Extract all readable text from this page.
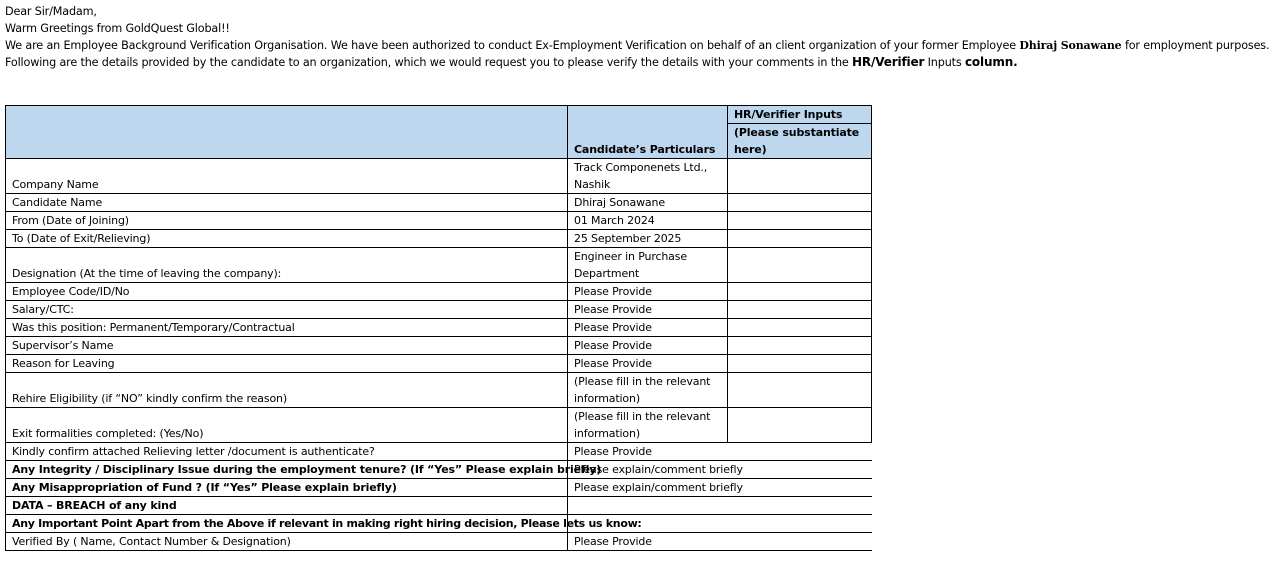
Dear Sir/Madam,
Warm Greetings from GoldQuest Global!!
We are an Employee Background Verification Organisation. We have been authorized to conduct Ex-Employment Verification on behalf of an client organization of your former Employee Dhiraj Sonawane for employment purposes.
Following are the details provided by the candidate to an organization, which we would request you to please verify the details with your comments in the HR/Verifier Inputs column.
	Candidate’s Particulars	HR/Verifier Inputs
(Please substantiate here)

Company Name	Track Componenets Ltd., Nashik	
Candidate Name	Dhiraj Sonawane	
From (Date of Joining)	01 March 2024	
To (Date of Exit/Relieving)	25 September 2025	
Designation (At the time of leaving the company):	Engineer in Purchase Department	
Employee Code/ID/No	Please Provide	
Salary/CTC:	Please Provide	
Was this position: Permanent/Temporary/Contractual	Please Provide	
Supervisor’s Name	Please Provide	
Reason for Leaving	Please Provide	
Rehire Eligibility (if “NO” kindly confirm the reason)	(Please fill in the relevant information)	
Exit formalities completed: (Yes/No)	(Please fill in the relevant information)	
Kindly confirm attached Relieving letter /document is authenticate?	Please Provide	
Any Integrity / Disciplinary Issue during the employment tenure? (If “Yes” Please explain briefly)	Please explain/comment briefly	
Any Misappropriation of Fund ? (If “Yes” Please explain briefly)	Please explain/comment briefly	
DATA – BREACH of any kind		
Any Important Point Apart from the Above if relevant in making right hiring decision, Please lets us know:		
Verified By ( Name, Contact Number & Designation)	Please Provide	
